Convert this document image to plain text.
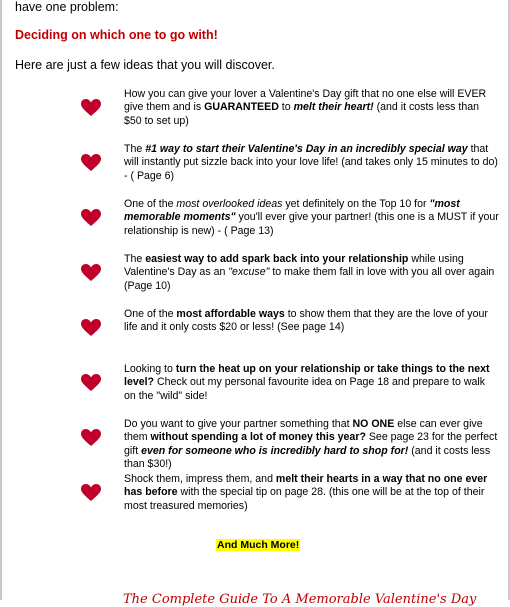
have one problem:
Deciding on which one to go with!
Here are just a few ideas that you will discover.
How you can give your lover a Valentine's Day gift that no one else will EVER give them and is GUARANTEED to melt their heart! (and it costs less than $50 to set up)
The #1 way to start their Valentine's Day in an incredibly special way that will instantly put sizzle back into your love life! (and takes only 15 minutes to do) - ( Page 6)
One of the most overlooked ideas yet definitely on the Top 10 for "most memorable moments" you'll ever give your partner! (this one is a MUST if your relationship is new) - ( Page 13)
The easiest way to add spark back into your relationship while using Valentine's Day as an "excuse" to make them fall in love with you all over again (Page 10)
One of the most affordable ways to show them that they are the love of your life and it only costs $20 or less! (See page 14)
Looking to turn the heat up on your relationship or take things to the next level? Check out my personal favourite idea on Page 18 and prepare to walk on the "wild" side!
Do you want to give your partner something that NO ONE else can ever give them without spending a lot of money this year? See page 23 for the perfect gift even for someone who is incredibly hard to shop for! (and it costs less than $30!)
Shock them, impress them, and melt their hearts in a way that no one ever has before with the special tip on page 28. (this one will be at the top of their most treasured memories)
And Much More!
The Complete Guide To A Memorable Valentine's Day
